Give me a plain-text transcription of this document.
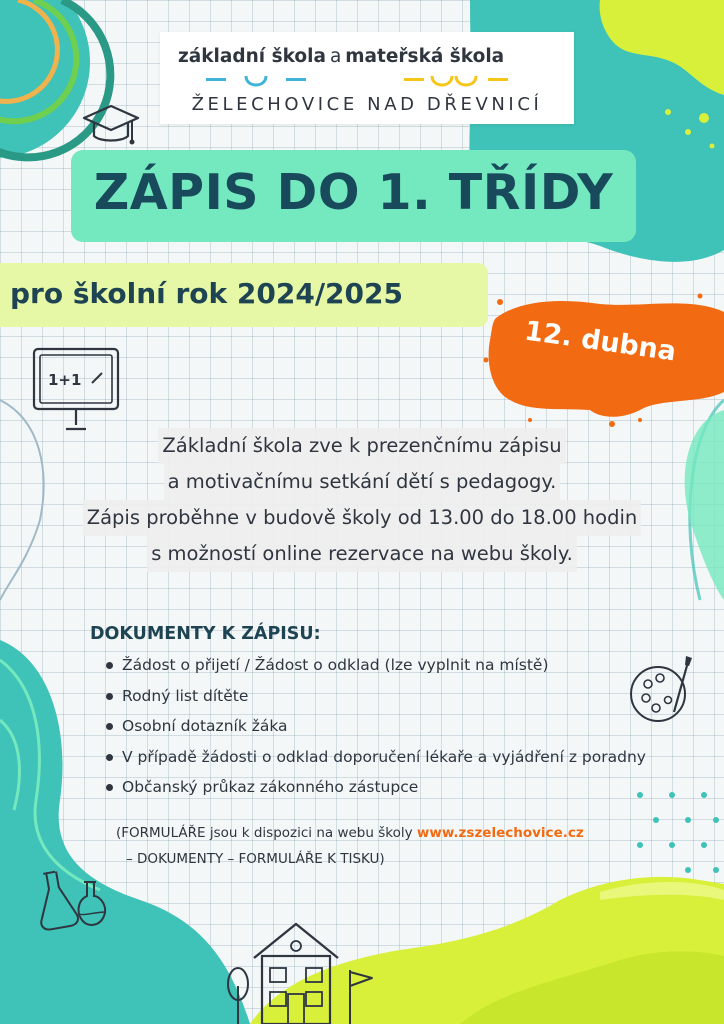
1+1
základní škola a mateřská škola
ŽELECHOVICE NAD DŘEVNICÍ
ZÁPIS DO 1. TŘÍDY
pro školní rok 2024/2025
12. dubna
Základní škola zve k prezenčnímu zápisu
a motivačnímu setkání dětí s pedagogy.
Zápis proběhne v budově školy od 13.00 do 18.00 hodin
s možností online rezervace na webu školy.
DOKUMENTY K ZÁPISU:
Žádost o přijetí / Žádost o odklad (lze vyplnit na místě)
Rodný list dítěte
Osobní dotazník žáka
V případě žádosti o odklad doporučení lékaře a vyjádření z poradny
Občanský průkaz zákonného zástupce
(FORMULÁŘE jsou k dispozici na webu školy www.zszelechovice.cz
– DOKUMENTY – FORMULÁŘE K TISKU)
